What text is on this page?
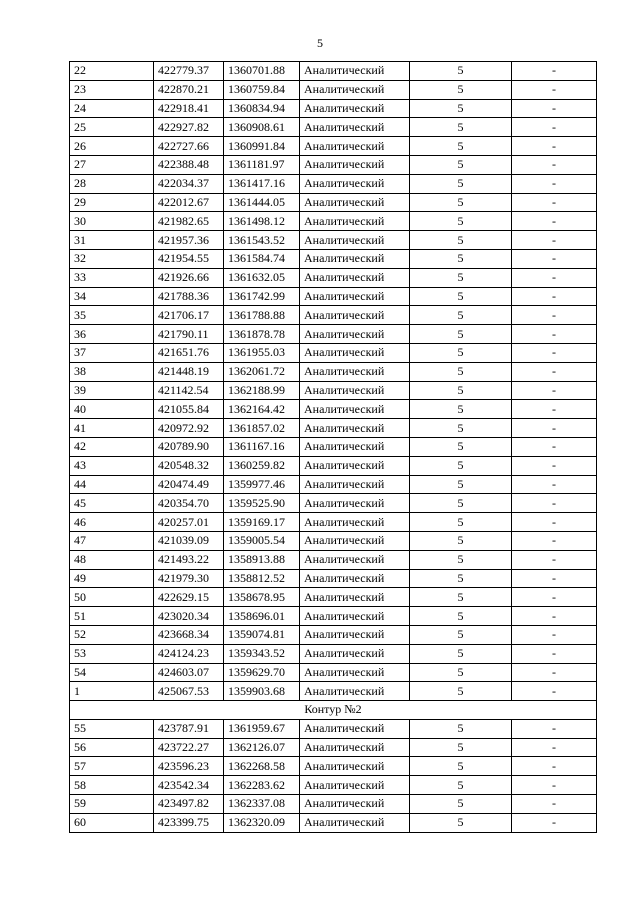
5
22	422779.37	1360701.88	Аналитический	5	-
23	422870.21	1360759.84	Аналитический	5	-
24	422918.41	1360834.94	Аналитический	5	-
25	422927.82	1360908.61	Аналитический	5	-
26	422727.66	1360991.84	Аналитический	5	-
27	422388.48	1361181.97	Аналитический	5	-
28	422034.37	1361417.16	Аналитический	5	-
29	422012.67	1361444.05	Аналитический	5	-
30	421982.65	1361498.12	Аналитический	5	-
31	421957.36	1361543.52	Аналитический	5	-
32	421954.55	1361584.74	Аналитический	5	-
33	421926.66	1361632.05	Аналитический	5	-
34	421788.36	1361742.99	Аналитический	5	-
35	421706.17	1361788.88	Аналитический	5	-
36	421790.11	1361878.78	Аналитический	5	-
37	421651.76	1361955.03	Аналитический	5	-
38	421448.19	1362061.72	Аналитический	5	-
39	421142.54	1362188.99	Аналитический	5	-
40	421055.84	1362164.42	Аналитический	5	-
41	420972.92	1361857.02	Аналитический	5	-
42	420789.90	1361167.16	Аналитический	5	-
43	420548.32	1360259.82	Аналитический	5	-
44	420474.49	1359977.46	Аналитический	5	-
45	420354.70	1359525.90	Аналитический	5	-
46	420257.01	1359169.17	Аналитический	5	-
47	421039.09	1359005.54	Аналитический	5	-
48	421493.22	1358913.88	Аналитический	5	-
49	421979.30	1358812.52	Аналитический	5	-
50	422629.15	1358678.95	Аналитический	5	-
51	423020.34	1358696.01	Аналитический	5	-
52	423668.34	1359074.81	Аналитический	5	-
53	424124.23	1359343.52	Аналитический	5	-
54	424603.07	1359629.70	Аналитический	5	-
1	425067.53	1359903.68	Аналитический	5	-
Контур №2					
55	423787.91	1361959.67	Аналитический	5	-
56	423722.27	1362126.07	Аналитический	5	-
57	423596.23	1362268.58	Аналитический	5	-
58	423542.34	1362283.62	Аналитический	5	-
59	423497.82	1362337.08	Аналитический	5	-
60	423399.75	1362320.09	Аналитический	5	-
